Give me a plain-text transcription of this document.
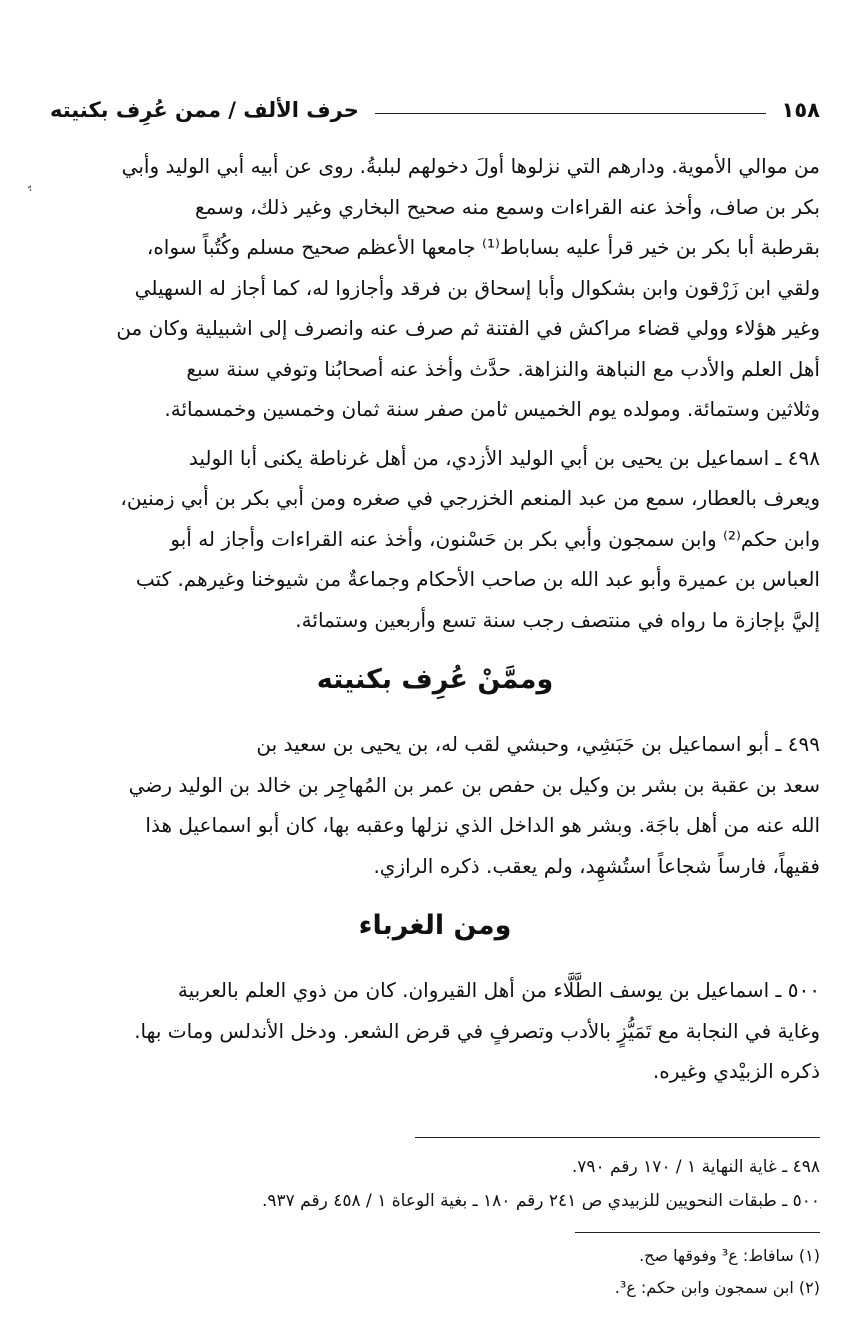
١٥٨
حرف الألف / ممن عُرِف بكنيته

من موالي الأموية. ودارهم التي نزلوها أولَ دخولهم لبلبةُ. روى عن أبيه أبي الوليد وأبي
بكر بن صاف، وأخذ عنه القراءات وسمع منه صحيح البخاري وغير ذلك، وسمع
بقرطبة أبا بكر بن خير قرأ عليه بساباط⁽¹⁾ جامعها الأعظم صحيح مسلم وكُتُباً سواه،
ولقي ابن زَرْقون وابن بشكوال وأبا إسحاق بن فرقد وأجازوا له، كما أجاز له السهيلي
وغير هؤلاء وولي قضاء مراكش في الفتنة ثم صرف عنه وانصرف إلى اشبيلية وكان من
أهل العلم والأدب مع النباهة والنزاهة. حدَّث وأخذ عنه أصحابُنا وتوفي سنة سبع
وثلاثين وستمائة. ومولده يوم الخميس ثامن صفر سنة ثمان وخمسين وخمسمائة.

٤٩٨ ـ اسماعيل بن يحيى بن أبي الوليد الأزدي، من أهل غرناطة يكنى أبا الوليد
ويعرف بالعطار، سمع من عبد المنعم الخزرجي في صغره ومن أبي بكر بن أبي زمنين،
وابن حكم⁽²⁾ وابن سمجون وأبي بكر بن حَسْنون، وأخذ عنه القراءات وأجاز له أبو
العباس بن عميرة وأبو عبد الله بن صاحب الأحكام وجماعةٌ من شيوخنا وغيرهم. كتب
إليَّ بإجازة ما رواه في منتصف رجب سنة تسع وأربعين وستمائة.

وممَّنْ عُرِف بكنيته

٤٩٩ ـ أبو اسماعيل بن حَبَشِي، وحبشي لقب له، بن يحيى بن سعيد بن
سعد بن عقبة بن بشر بن وكيل بن حفص بن عمر بن المُهاجِر بن خالد بن الوليد رضي
الله عنه من أهل باجَة. وبشر هو الداخل الذي نزلها وعقبه بها، كان أبو اسماعيل هذا
فقيهاً، فارساً شجاعاً استُشهِد، ولم يعقب. ذكره الرازي.

ومن الغرباء

٥٠٠ ـ اسماعيل بن يوسف الطَّلَّاء من أهل القيروان. كان من ذوي العلم بالعربية
وغاية في النجابة مع تَمَيُّزٍ بالأدب وتصرفٍ في قرض الشعر. ودخل الأندلس ومات بها.
ذكره الزبيْدي وغيره.

٤٩٨ ـ غاية النهاية ١ / ١٧٠ رقم ٧٩٠.
٥٠٠ ـ طبقات النحويين للزبيدي ص ٢٤١ رقم ١٨٠ ـ بغية الوعاة ١ / ٤٥٨ رقم ٩٣٧.
(١) سافاط: ع³ وفوقها صح.
(٢) ابن سمجون وابن حكم: ع³.
ﮨ
